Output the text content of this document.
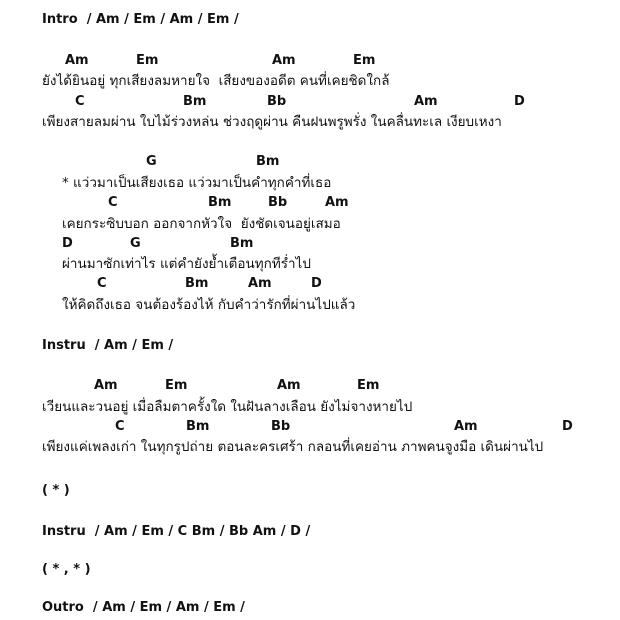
Intro  / Am / Em / Am / Em /
Am	Em	Am	Em
ยังได้ยินอยู่ ทุกเสียงลมหายใจ  เสียงของอดีต คนที่เคยชิดใกล้
C	Bm	Bb	Am	D
เพียงสายลมผ่าน ใบไม้ร่วงหล่น ช่วงฤดูผ่าน คืนฝนพรูพรั่ง ในคลื่นทะเล เงียบเหงา
G	Bm
* แว่วมาเป็นเสียงเธอ แว่วมาเป็นคำทุกคำที่เธอ
C	Bm	Bb	Am
เคยกระซิบบอก ออกจากหัวใจ  ยังชัดเจนอยู่เสมอ
D	G	Bm
ผ่านมาซักเท่าไร แต่คำยังย้ำเตือนทุกทีร่ำไป
C	Bm	Am	D
ให้คิดถึงเธอ จนต้องร้องไห้ กับคำว่ารักที่ผ่านไปแล้ว
Instru  / Am / Em /
Am	Em	Am	Em
เวียนและวนอยู่ เมื่อลืมตาครั้งใด ในฝันลางเลือน ยังไม่จางหายไป
C	Bm	Bb	Am	D
เพียงแค่เพลงเก่า ในทุกรูปถ่าย ตอนละครเศร้า กลอนที่เคยอ่าน ภาพคนจูงมือ เดินผ่านไป
( * )
Instru  / Am / Em / C Bm / Bb Am / D /
( * , * )
Outro  / Am / Em / Am / Em /
